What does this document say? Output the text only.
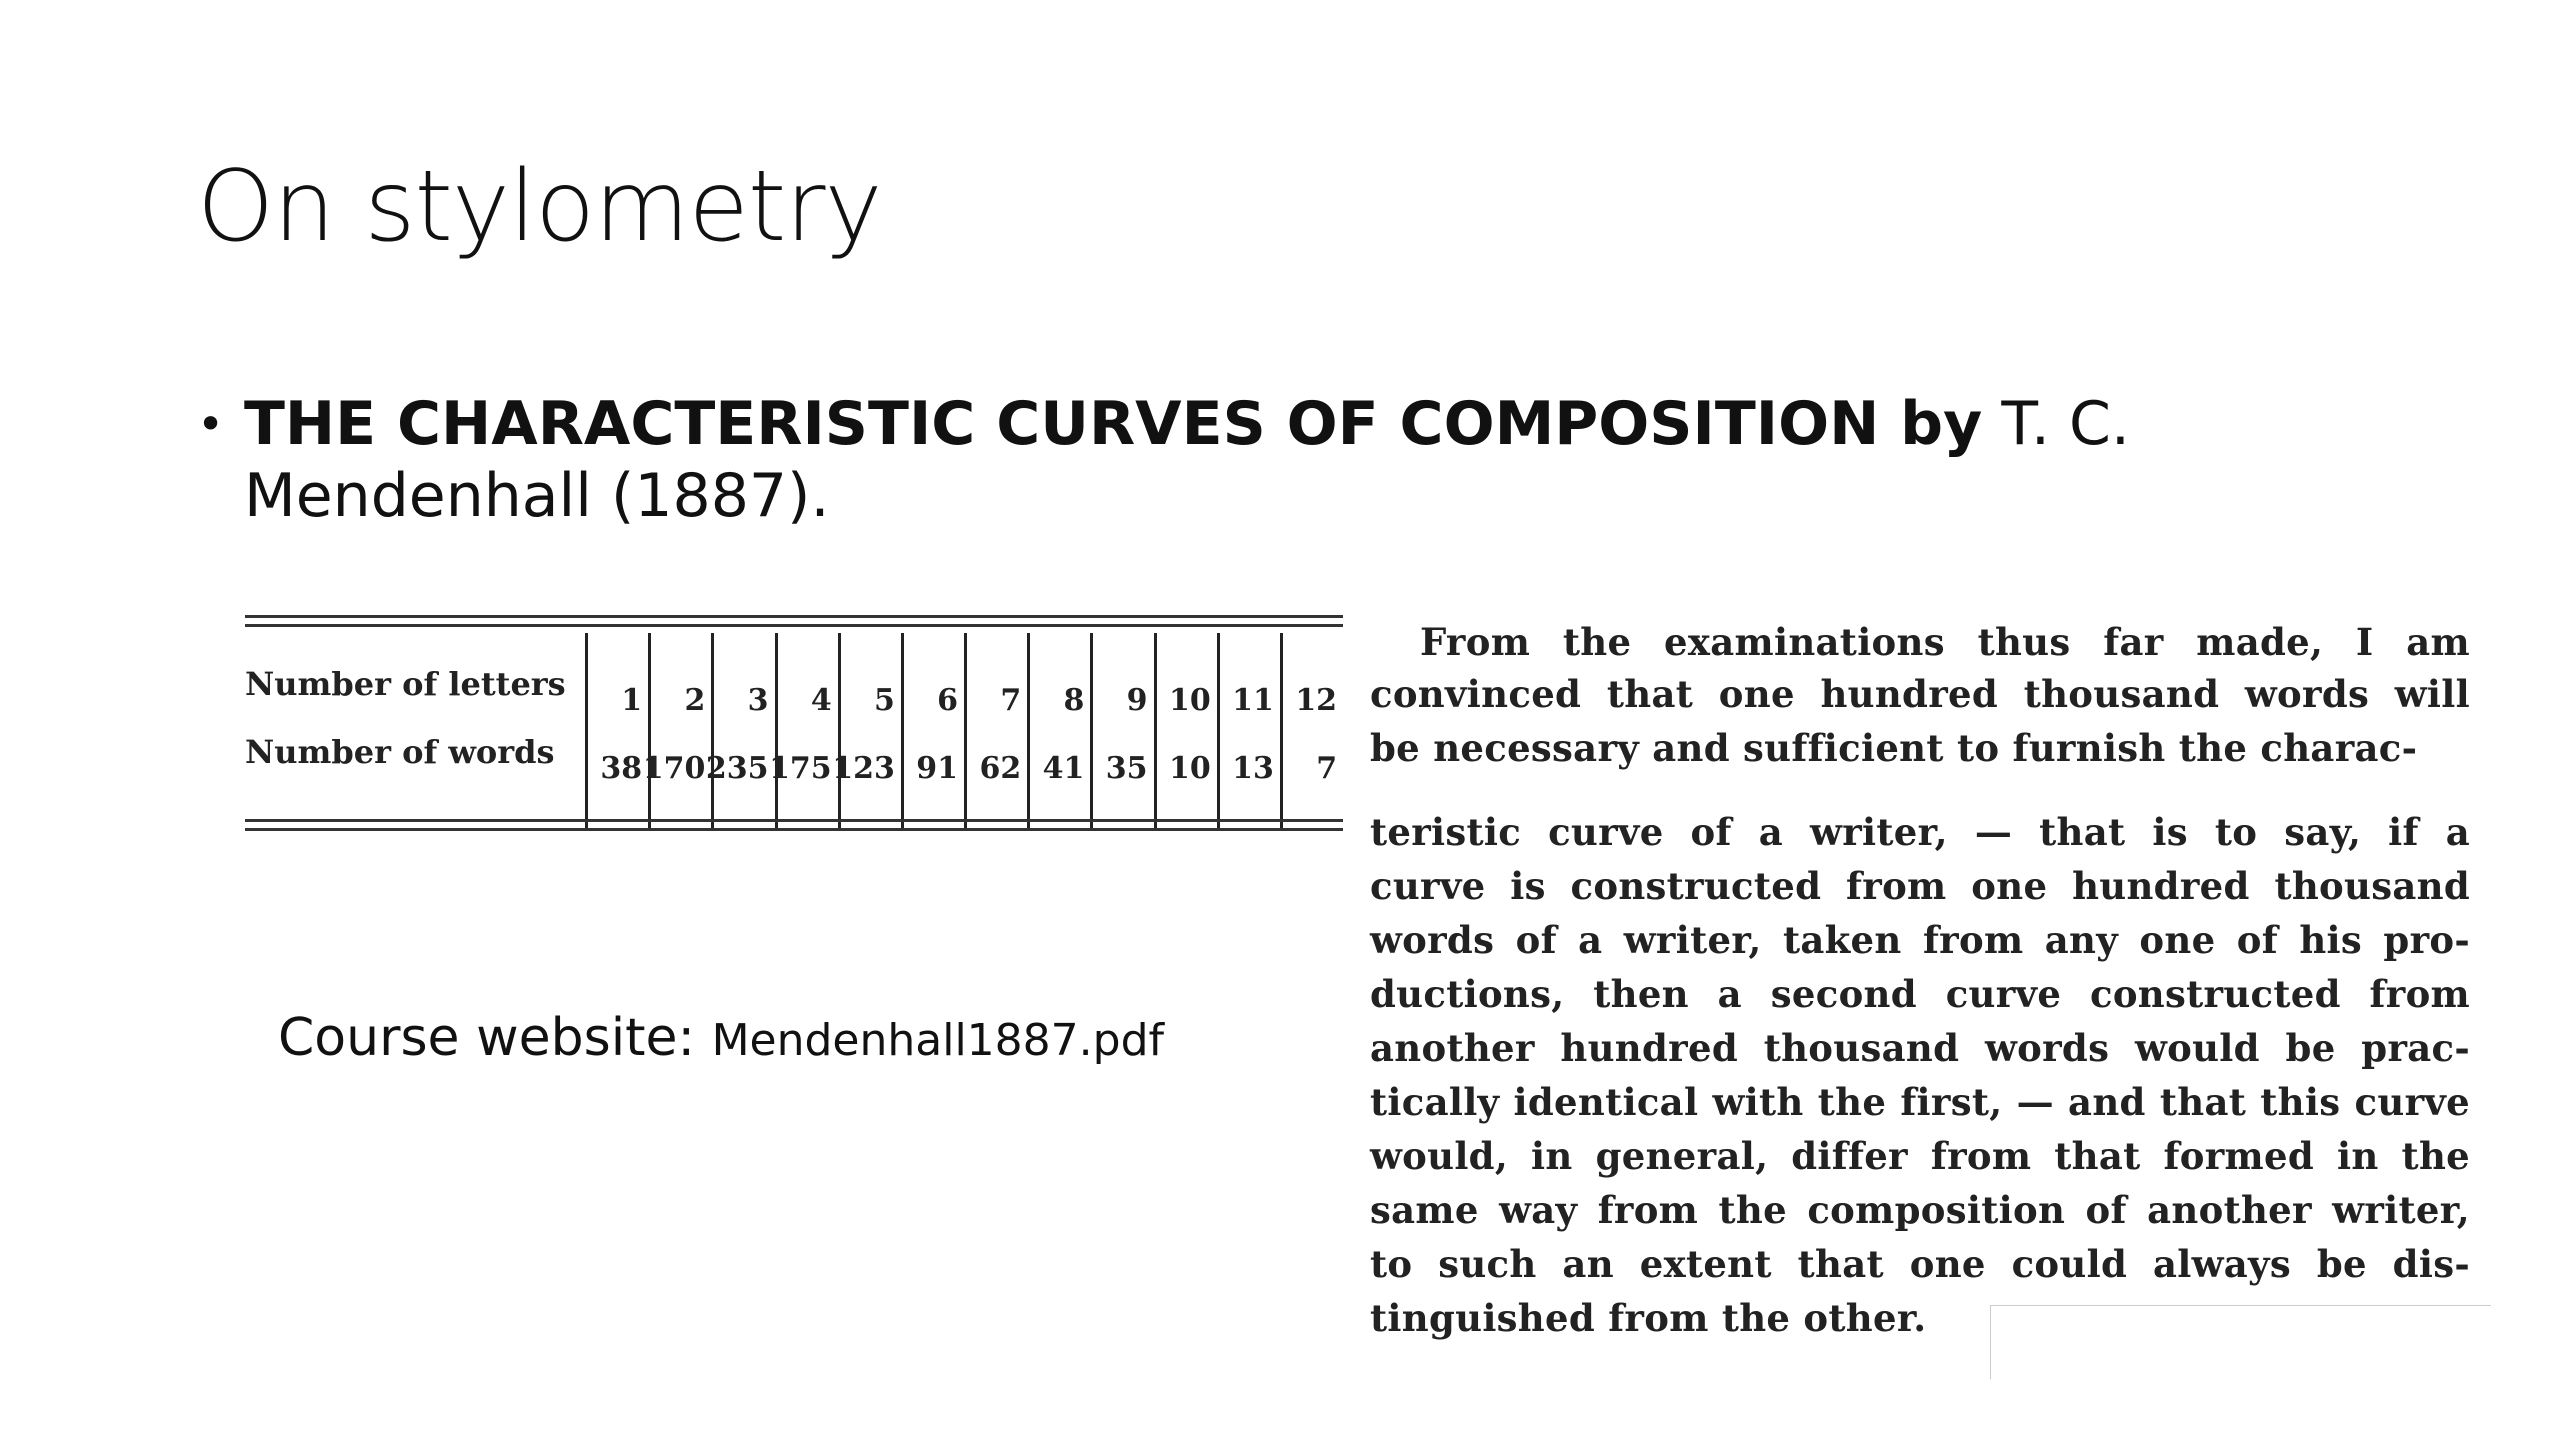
On stylometry
• THE CHARACTERISTIC CURVES OF COMPOSITION by T. C. Mendenhall (1887).
Course website: Mendenhall1887.pdf
Number of letters
Number of words
1
38
2
170
3
235
4
175
5
123
6
91
7
62
8
41
9
35
10
10
11
13
12
7
From the examinations thus far made, I am
convinced that one hundred thousand words will
be necessary and sufficient to furnish the charac-
teristic curve of a writer, — that is to say, if a
curve is constructed from one hundred thousand
words of a writer, taken from any one of his pro-
ductions, then a second curve constructed from
another hundred thousand words would be prac-
tically identical with the first, — and that this curve
would, in general, differ from that formed in the
same way from the composition of another writer,
to such an extent that one could always be dis-
tinguished from the other.
